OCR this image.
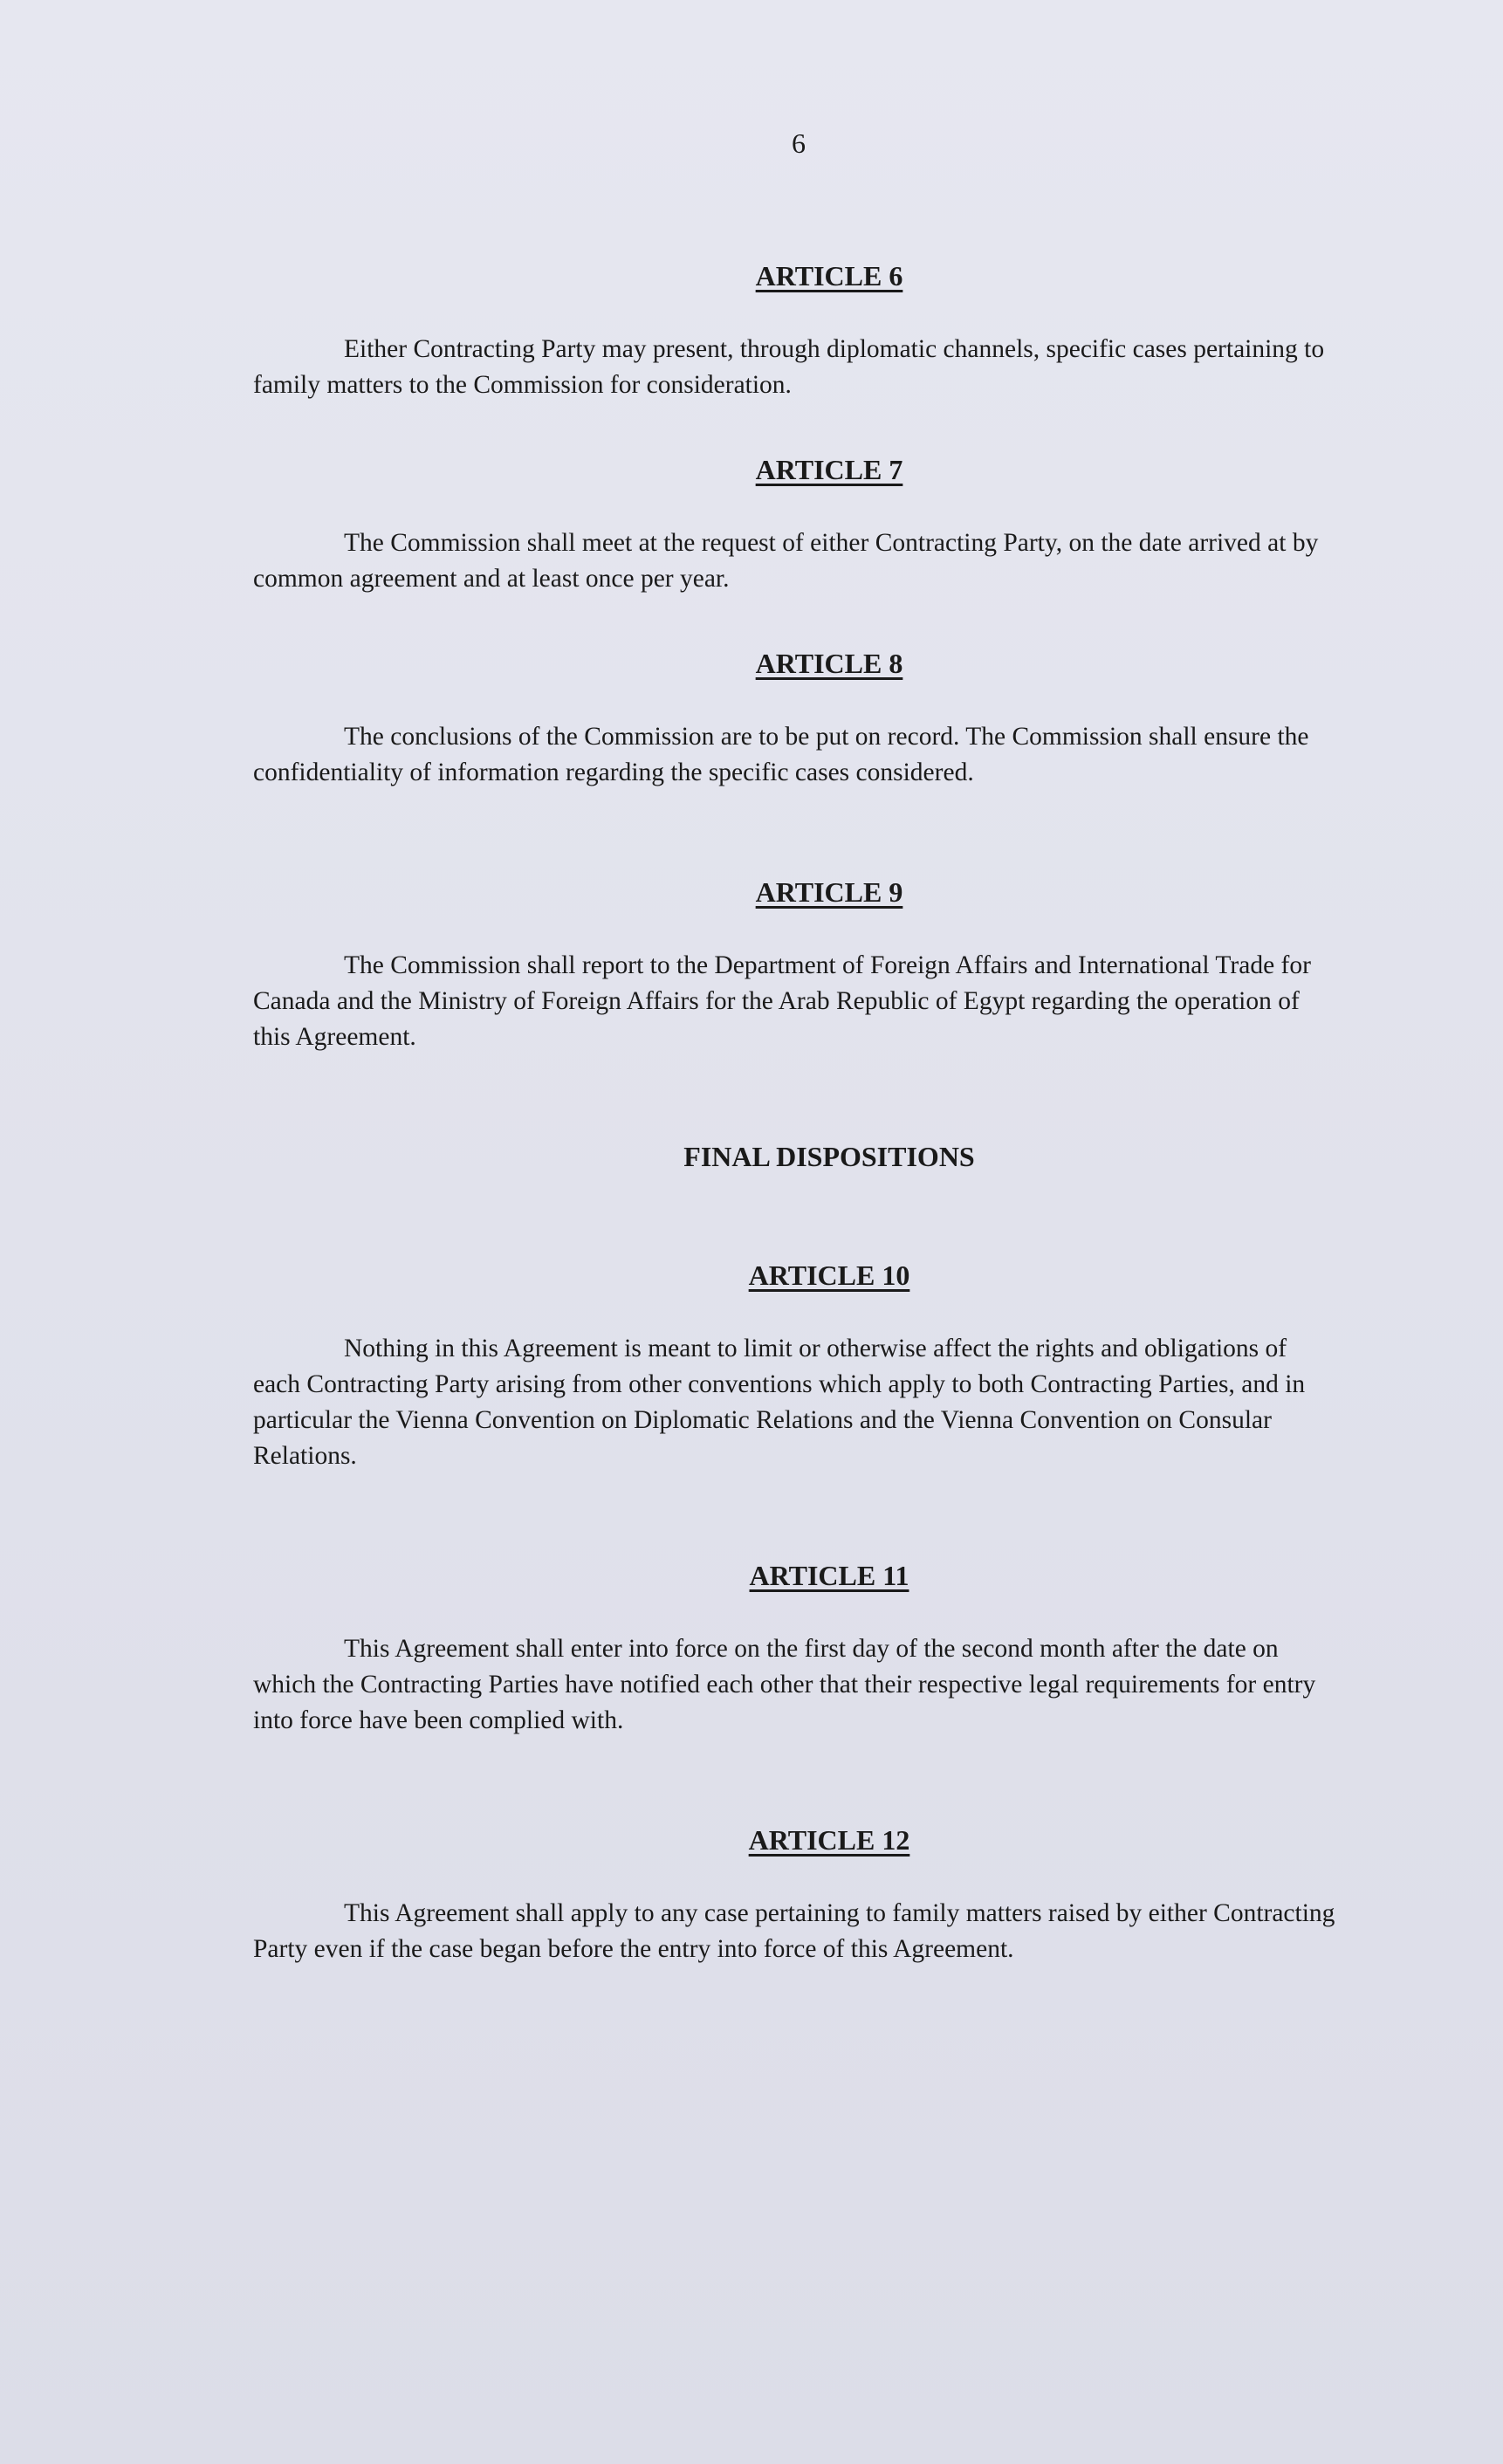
6
ARTICLE 6

Either Contracting Party may present, through diplomatic channels, specific cases pertaining to family matters to the Commission for consideration.

ARTICLE 7

The Commission shall meet at the request of either Contracting Party, on the date arrived at by common agreement and at least once per year.

ARTICLE 8

The conclusions of the Commission are to be put on record. The Commission shall ensure the confidentiality of information regarding the specific cases considered.

ARTICLE 9

The Commission shall report to the Department of Foreign Affairs and International Trade for Canada and the Ministry of Foreign Affairs for the Arab Republic of Egypt regarding the operation of this Agreement.

FINAL DISPOSITIONS
ARTICLE 10

Nothing in this Agreement is meant to limit or otherwise affect the rights and obligations of each Contracting Party arising from other conventions which apply to both Contracting Parties, and in particular the Vienna Convention on Diplomatic Relations and the Vienna Convention on Consular Relations.

ARTICLE 11

This Agreement shall enter into force on the first day of the second month after the date on which the Contracting Parties have notified each other that their respective legal requirements for entry into force have been complied with.

ARTICLE 12

This Agreement shall apply to any case pertaining to family matters raised by either Contracting Party even if the case began before the entry into force of this Agreement.
